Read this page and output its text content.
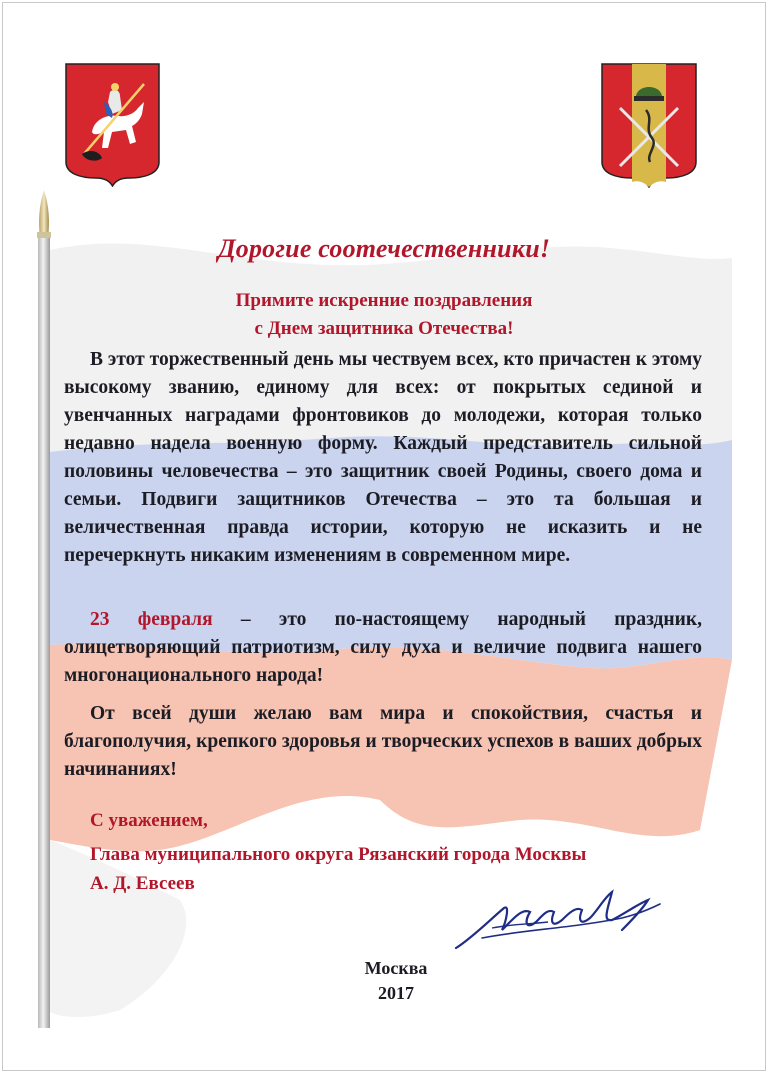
Дорогие соотечественники!
Примите искренние поздравления
с Днем защитника Отечества!
В этот торжественный день мы чествуем всех, кто причастен к этому высокому званию, единому для всех: от покрытых сединой и увенчанных наградами фронтовиков до молодежи, которая только недавно надела военную форму. Каждый представитель сильной половины человечества – это защитник своей Родины, своего дома и семьи. Подвиги защитников Отечества – это та большая и величественная правда истории, которую не исказить и не перечеркнуть никаким изменениям в современном мире.
23 февраля – это по-настоящему народный праздник, олицетворяющий патриотизм, силу духа и величие подвига нашего многонационального народа!
От всей души желаю вам мира и спокойствия, счастья и благополучия, крепкого здоровья и творческих успехов в ваших добрых начинаниях!
С уважением,
Глава муниципального округа Рязанский города Москвы
А. Д. Евсеев
Москва
2017
